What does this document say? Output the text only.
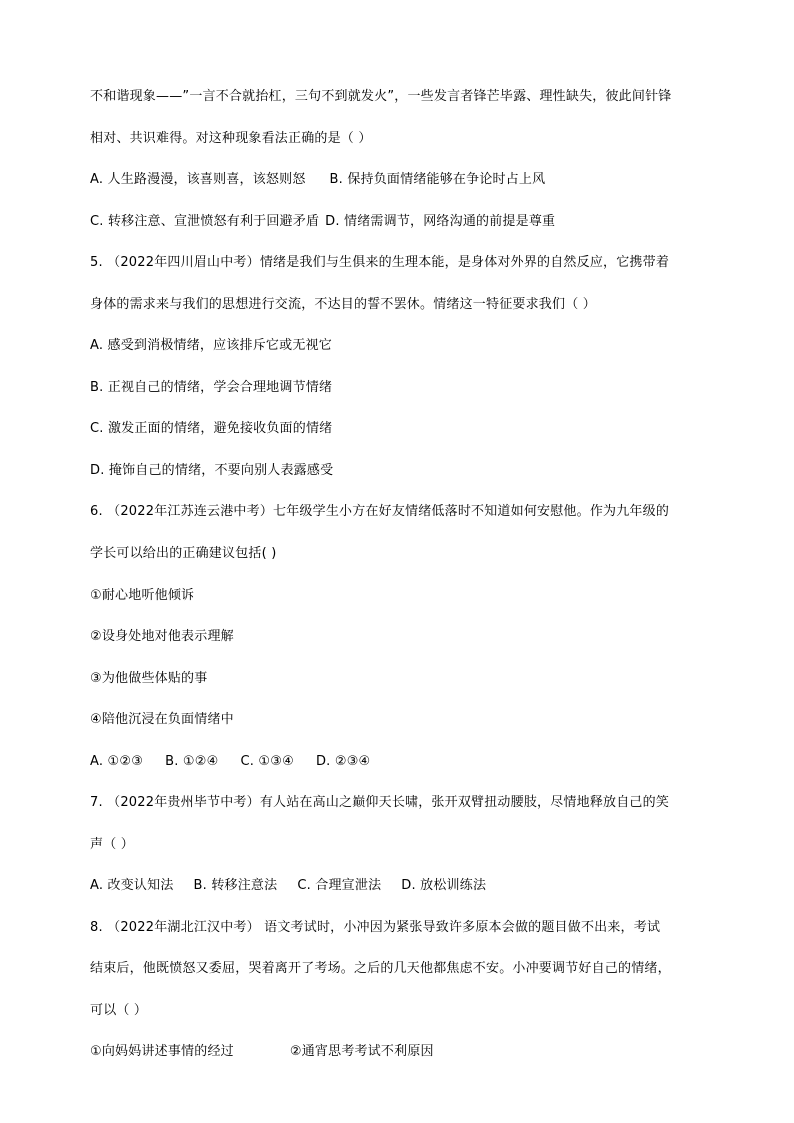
不和谐现象——”一言不合就抬杠，三句不到就发火”，一些发言者锋芒毕露、理性缺失，彼此间针锋
相对、共识难得。对这种现象看法正确的是（ ）
A. 人生路漫漫，该喜则喜，该怒则怒 B. 保持负面情绪能够在争论时占上风
C. 转移注意、宣泄愤怒有利于回避矛盾 D. 情绪需调节，网络沟通的前提是尊重
5. （2022年四川眉山中考）情绪是我们与生俱来的生理本能，是身体对外界的自然反应，它携带着
身体的需求来与我们的思想进行交流，不达目的誓不罢休。情绪这一特征要求我们（ ）
A. 感受到消极情绪，应该排斥它或无视它
B. 正视自己的情绪，学会合理地调节情绪
C. 激发正面的情绪，避免接收负面的情绪
D. 掩饰自己的情绪，不要向别人表露感受
6. （2022年江苏连云港中考）七年级学生小方在好友情绪低落时不知道如何安慰他。作为九年级的
学长可以给出的正确建议包括( )
①耐心地听他倾诉
②设身处地对他表示理解
③为他做些体贴的事
④陪他沉浸在负面情绪中
A. ①②③ B. ①②④ C. ①③④ D. ②③④
7. （2022年贵州毕节中考）有人站在高山之巅仰天长啸，张开双臂扭动腰肢，尽情地释放自己的笑
声（ ）
A. 改变认知法 B. 转移注意法 C. 合理宣泄法 D. 放松训练法
8. （2022年湖北江汉中考） 语文考试时，小冲因为紧张导致许多原本会做的题目做不出来，考试
结束后，他既愤怒又委屈，哭着离开了考场。之后的几天他都焦虑不安。小冲要调节好自己的情绪，
可以（ ）
①向妈妈讲述事情的经过	②通宵思考考试不利原因
